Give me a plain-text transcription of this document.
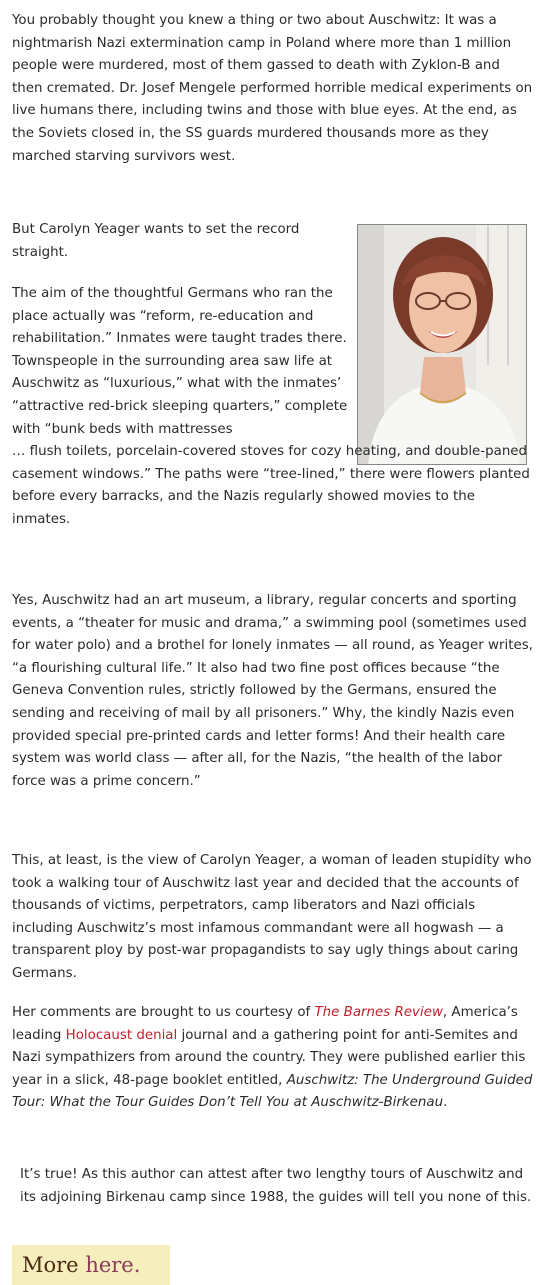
You probably thought you knew a thing or two about Auschwitz: It was a nightmarish Nazi extermination camp in Poland where more than 1 million people were murdered, most of them gassed to death with Zyklon-B and then cremated. Dr. Josef Mengele performed horrible medical experiments on live humans there, including twins and those with blue eyes. At the end, as the Soviets closed in, the SS guards murdered thousands more as they marched starving survivors west.

But Carolyn Yeager wants to set the record straight.

The aim of the thoughtful Germans who ran the place actually was “reform, re-education and rehabilitation.” Inmates were taught trades there. Townspeople in the surrounding area saw life at Auschwitz as “luxurious,” what with the inmates’ “attractive red-brick sleeping quarters,” complete with “bunk beds with mattresses
… flush toilets, porcelain-covered stoves for cozy heating, and double-paned casement windows.” The paths were “tree-lined,” there were flowers planted before every barracks, and the Nazis regularly showed movies to the inmates.

Yes, Auschwitz had an art museum, a library, regular concerts and sporting events, a “theater for music and drama,” a swimming pool (sometimes used for water polo) and a brothel for lonely inmates — all round, as Yeager writes, “a flourishing cultural life.” It also had two fine post offices because “the Geneva Convention rules, strictly followed by the Germans, ensured the sending and receiving of mail by all prisoners.” Why, the kindly Nazis even provided special pre-printed cards and letter forms! And their health care system was world class — after all, for the Nazis, “the health of the labor force was a prime concern.”

This, at least, is the view of Carolyn Yeager, a woman of leaden stupidity who took a walking tour of Auschwitz last year and decided that the accounts of thousands of victims, perpetrators, camp liberators and Nazi officials including Auschwitz’s most infamous commandant were all hogwash — a transparent ploy by post-war propagandists to say ugly things about caring Germans.

Her comments are brought to us courtesy of The Barnes Review, America’s leading Holocaust denial journal and a gathering point for anti-Semites and Nazi sympathizers from around the country. They were published earlier this year in a slick, 48-page booklet entitled, Auschwitz: The Underground Guided Tour: What the Tour Guides Don’t Tell You at Auschwitz-Birkenau.

It’s true! As this author can attest after two lengthy tours of Auschwitz and its adjoining Birkenau camp since 1988, the guides will tell you none of this.

More here.
